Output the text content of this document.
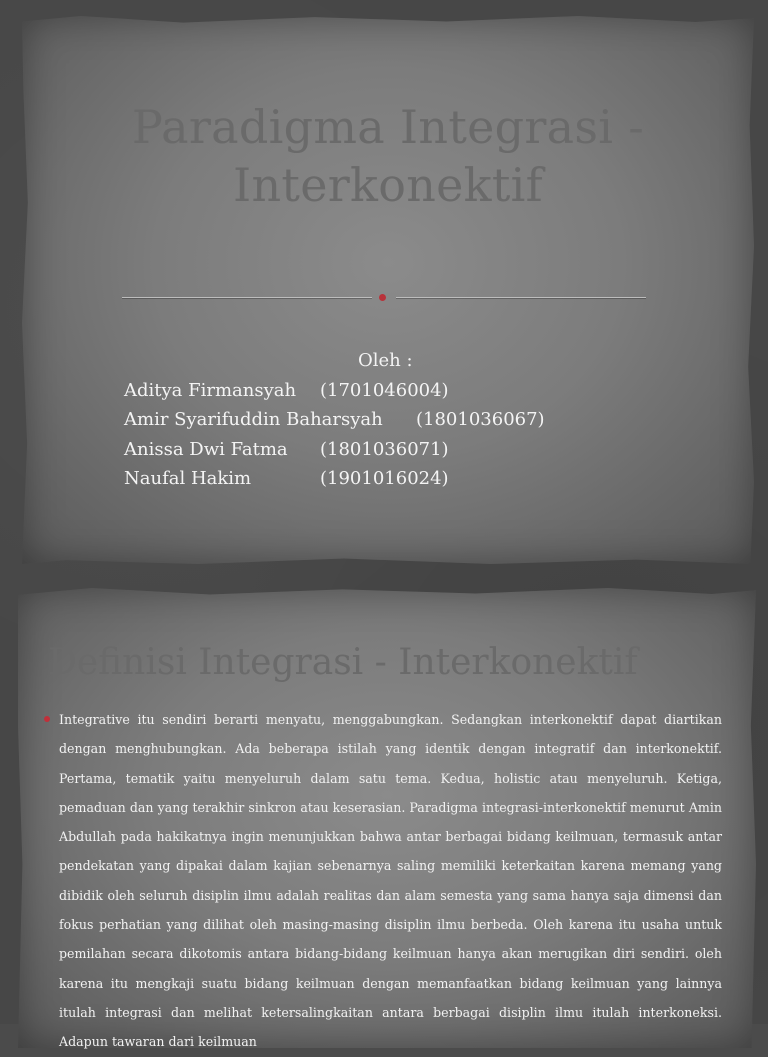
Paradigma Integrasi - Interkonektif
Oleh :
Aditya Firmansyah (1701046004)
Amir Syarifuddin Baharsyah (1801036067)
Anissa Dwi Fatma (1801036071)
Naufal Hakim	(1901016024)
Definisi Integrasi - Interkonektif

Integrative itu sendiri berarti menyatu, menggabungkan. Sedangkan interkonektif dapat diartikan dengan menghubungkan. Ada beberapa istilah yang identik dengan integratif dan interkonektif. Pertama, tematik yaitu menyeluruh dalam satu tema. Kedua, holistic atau menyeluruh. Ketiga, pemaduan dan yang terakhir sinkron atau keserasian. Paradigma integrasi-interkonektif menurut Amin Abdullah pada hakikatnya ingin menunjukkan bahwa antar berbagai bidang keilmuan, termasuk antar pendekatan yang dipakai dalam kajian sebenarnya saling memiliki keterkaitan karena memang yang dibidik oleh seluruh disiplin ilmu adalah realitas dan alam semesta yang sama hanya saja dimensi dan fokus perhatian yang dilihat oleh masing-masing disiplin ilmu berbeda. Oleh karena itu usaha untuk pemilahan secara dikotomis antara bidang-bidang keilmuan hanya akan merugikan diri sendiri. oleh karena itu mengkaji suatu bidang keilmuan dengan memanfaatkan bidang keilmuan yang lainnya itulah integrasi dan melihat ketersalingkaitan antara berbagai disiplin ilmu itulah interkoneksi. Adapun tawaran dari keilmuan
